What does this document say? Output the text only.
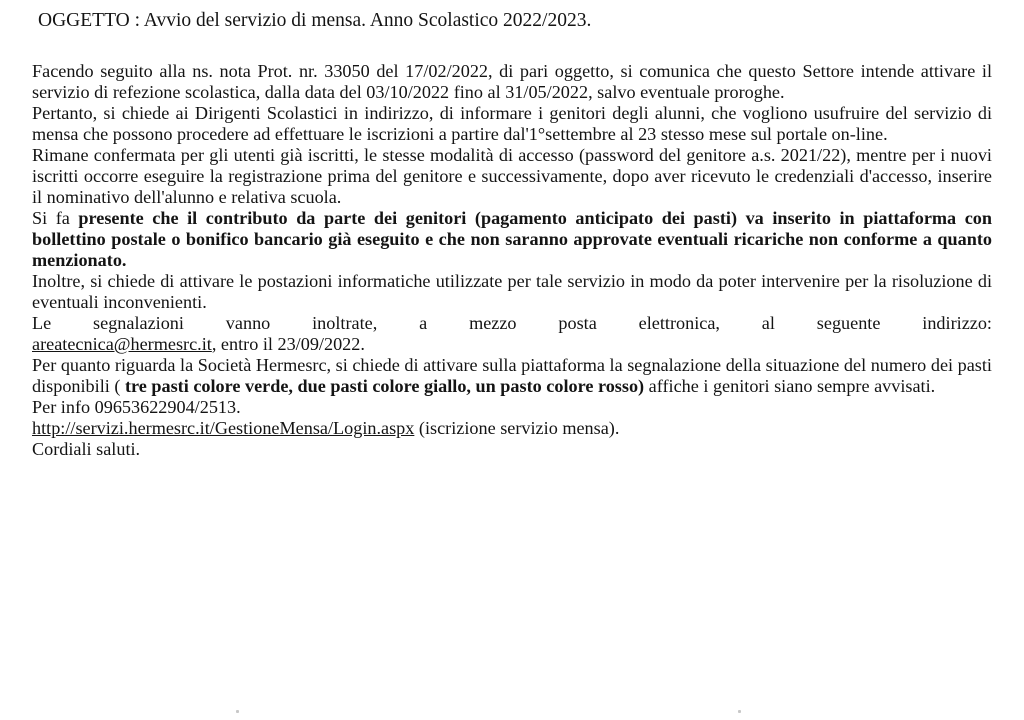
OGGETTO : Avvio del servizio di mensa. Anno Scolastico 2022/2023.

Facendo seguito alla ns. nota Prot. nr. 33050 del 17/02/2022, di pari oggetto, si comunica che questo Settore intende attivare il servizio di refezione scolastica, dalla data del 03/10/2022 fino al 31/05/2022, salvo eventuale proroghe.

Pertanto, si chiede ai Dirigenti Scolastici in indirizzo, di informare i genitori degli alunni, che vogliono usufruire del servizio di mensa che possono procedere ad effettuare le iscrizioni a partire dal'1°settembre al 23 stesso mese sul portale on-line.

Rimane confermata per gli utenti già iscritti, le stesse modalità di accesso (password del genitore a.s. 2021/22), mentre per i nuovi iscritti occorre eseguire la registrazione prima del genitore e successivamente, dopo aver ricevuto le credenziali d'accesso, inserire il nominativo dell'alunno e relativa scuola.

Si fa presente che il contributo da parte dei genitori (pagamento anticipato dei pasti) va inserito in piattaforma con bollettino postale o bonifico bancario già eseguito e che non saranno approvate eventuali ricariche non conforme a quanto menzionato.

Inoltre, si chiede di attivare le postazioni informatiche utilizzate per tale servizio in modo da poter intervenire per la risoluzione di eventuali inconvenienti.

Le segnalazioni vanno inoltrate, a mezzo posta elettronica, al seguente indirizzo:

areatecnica@hermesrc.it, entro il 23/09/2022.

Per quanto riguarda la Società Hermesrc, si chiede di attivare sulla piattaforma la segnalazione della situazione del numero dei pasti disponibili ( tre pasti colore verde, due pasti colore giallo, un pasto colore rosso) affiche i genitori siano sempre avvisati.

Per info 09653622904/2513.

http://servizi.hermesrc.it/GestioneMensa/Login.aspx (iscrizione servizio mensa).

Cordiali saluti.
